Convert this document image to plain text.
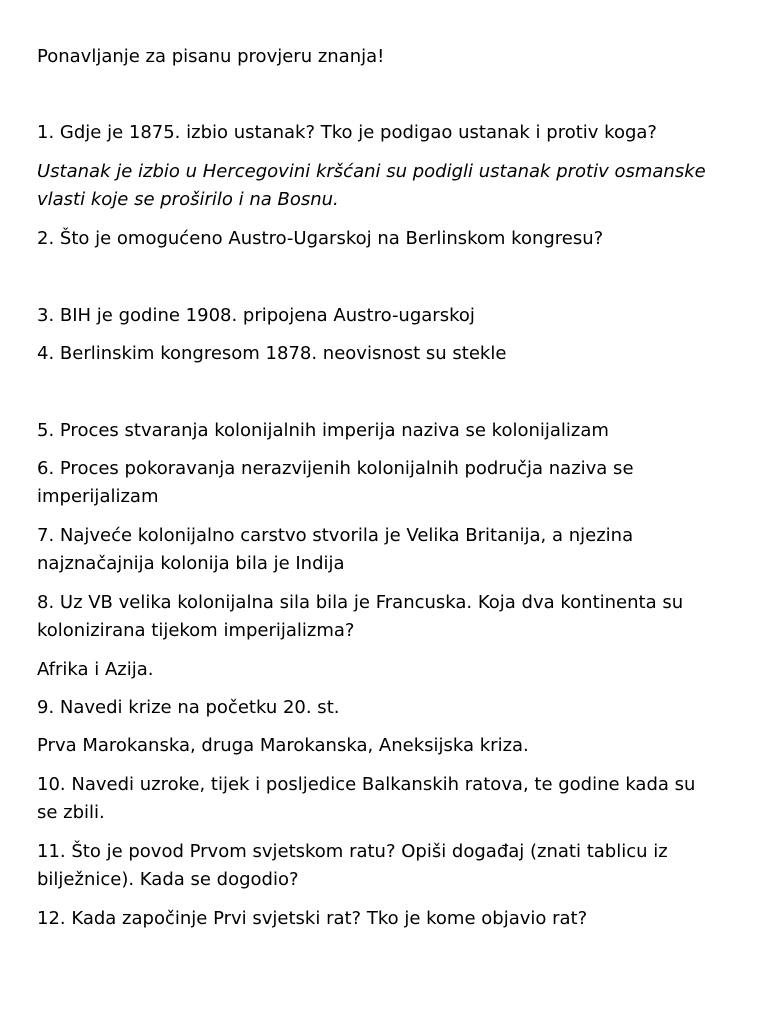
Ponavljanje za pisanu provjeru znanja!
1. Gdje je 1875. izbio ustanak? Tko je podigao ustanak i protiv koga?
Ustanak je izbio u Hercegovini kršćani su podigli ustanak protiv osmanske
vlasti koje se proširilo i na Bosnu.
2. Što je omogućeno Austro-Ugarskoj na Berlinskom kongresu?
3. BIH je godine 1908. pripojena Austro-ugarskoj
4. Berlinskim kongresom 1878. neovisnost su stekle
5. Proces stvaranja kolonijalnih imperija naziva se kolonijalizam
6. Proces pokoravanja nerazvijenih kolonijalnih područja naziva se
imperijalizam
7. Najveće kolonijalno carstvo stvorila je Velika Britanija, a njezina
najznačajnija kolonija bila je Indija
8. Uz VB velika kolonijalna sila bila je Francuska. Koja dva kontinenta su
kolonizirana tijekom imperijalizma?
Afrika i Azija.
9. Navedi krize na početku 20. st.
Prva Marokanska, druga Marokanska, Aneksijska kriza.
10. Navedi uzroke, tijek i posljedice Balkanskih ratova, te godine kada su
se zbili.
11. Što je povod Prvom svjetskom ratu? Opiši događaj (znati tablicu iz
bilježnice). Kada se dogodio?
12. Kada započinje Prvi svjetski rat? Tko je kome objavio rat?
